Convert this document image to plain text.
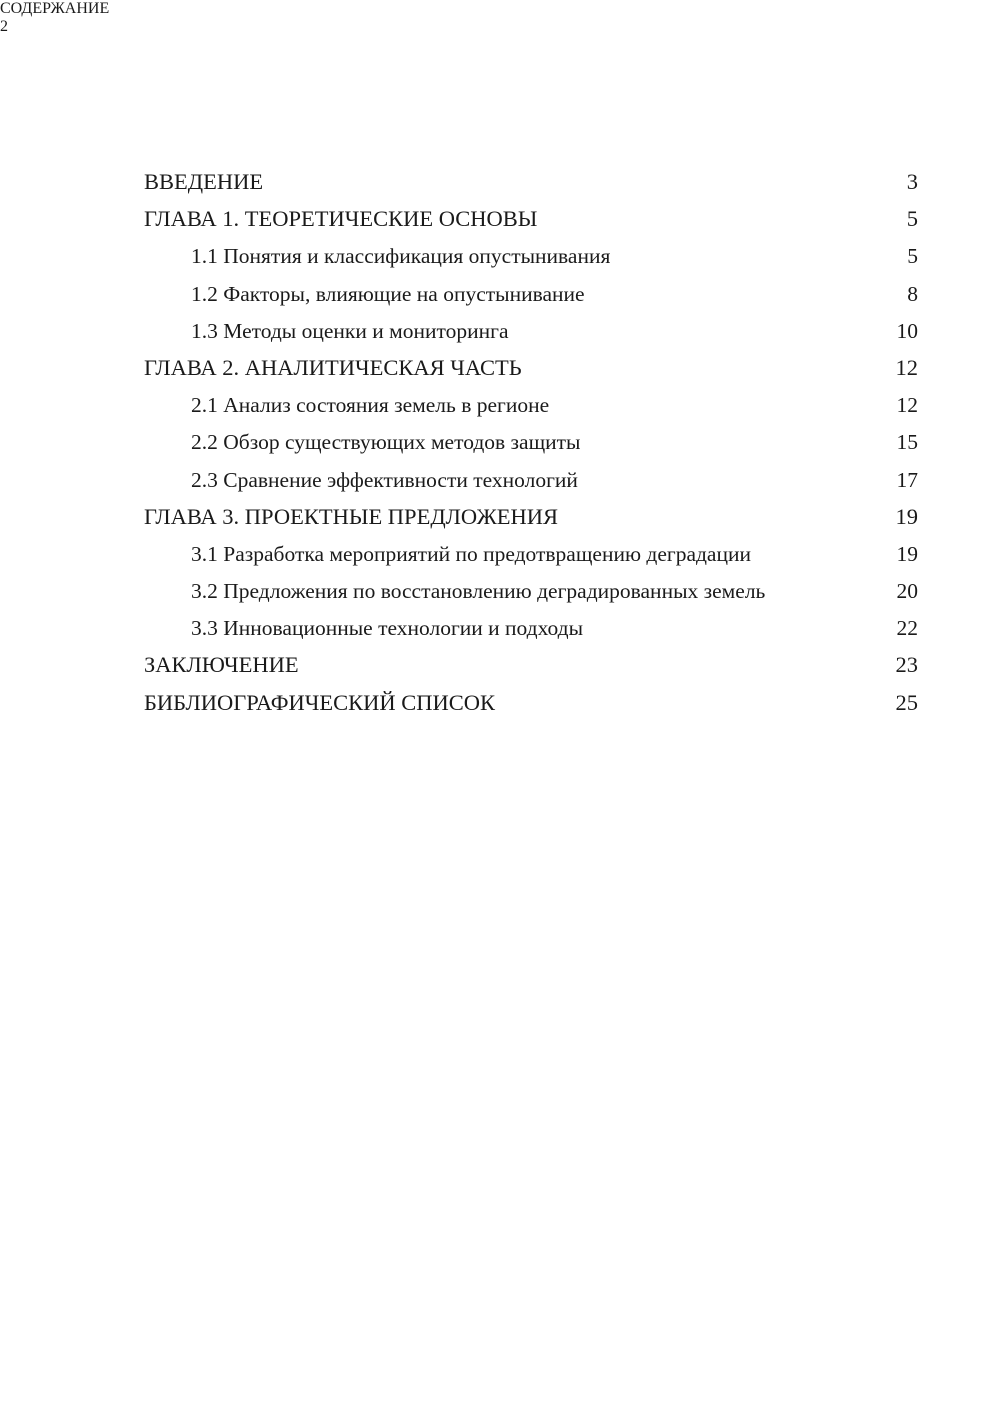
СОДЕРЖАНИЕ
ВВЕДЕНИЕ	3
ГЛАВА 1. ТЕОРЕТИЧЕСКИЕ ОСНОВЫ	5
1.1 Понятия и классификация опустынивания	5
1.2 Факторы, влияющие на опустынивание	8
1.3 Методы оценки и мониторинга	10
ГЛАВА 2. АНАЛИТИЧЕСКАЯ ЧАСТЬ	12
2.1 Анализ состояния земель в регионе	12
2.2 Обзор существующих методов защиты	15
2.3 Сравнение эффективности технологий	17
ГЛАВА 3. ПРОЕКТНЫЕ ПРЕДЛОЖЕНИЯ	19
3.1 Разработка мероприятий по предотвращению деградации	19
3.2 Предложения по восстановлению деградированных земель	20
3.3 Инновационные технологии и подходы	22
ЗАКЛЮЧЕНИЕ	23
БИБЛИОГРАФИЧЕСКИЙ СПИСОК	25
2
